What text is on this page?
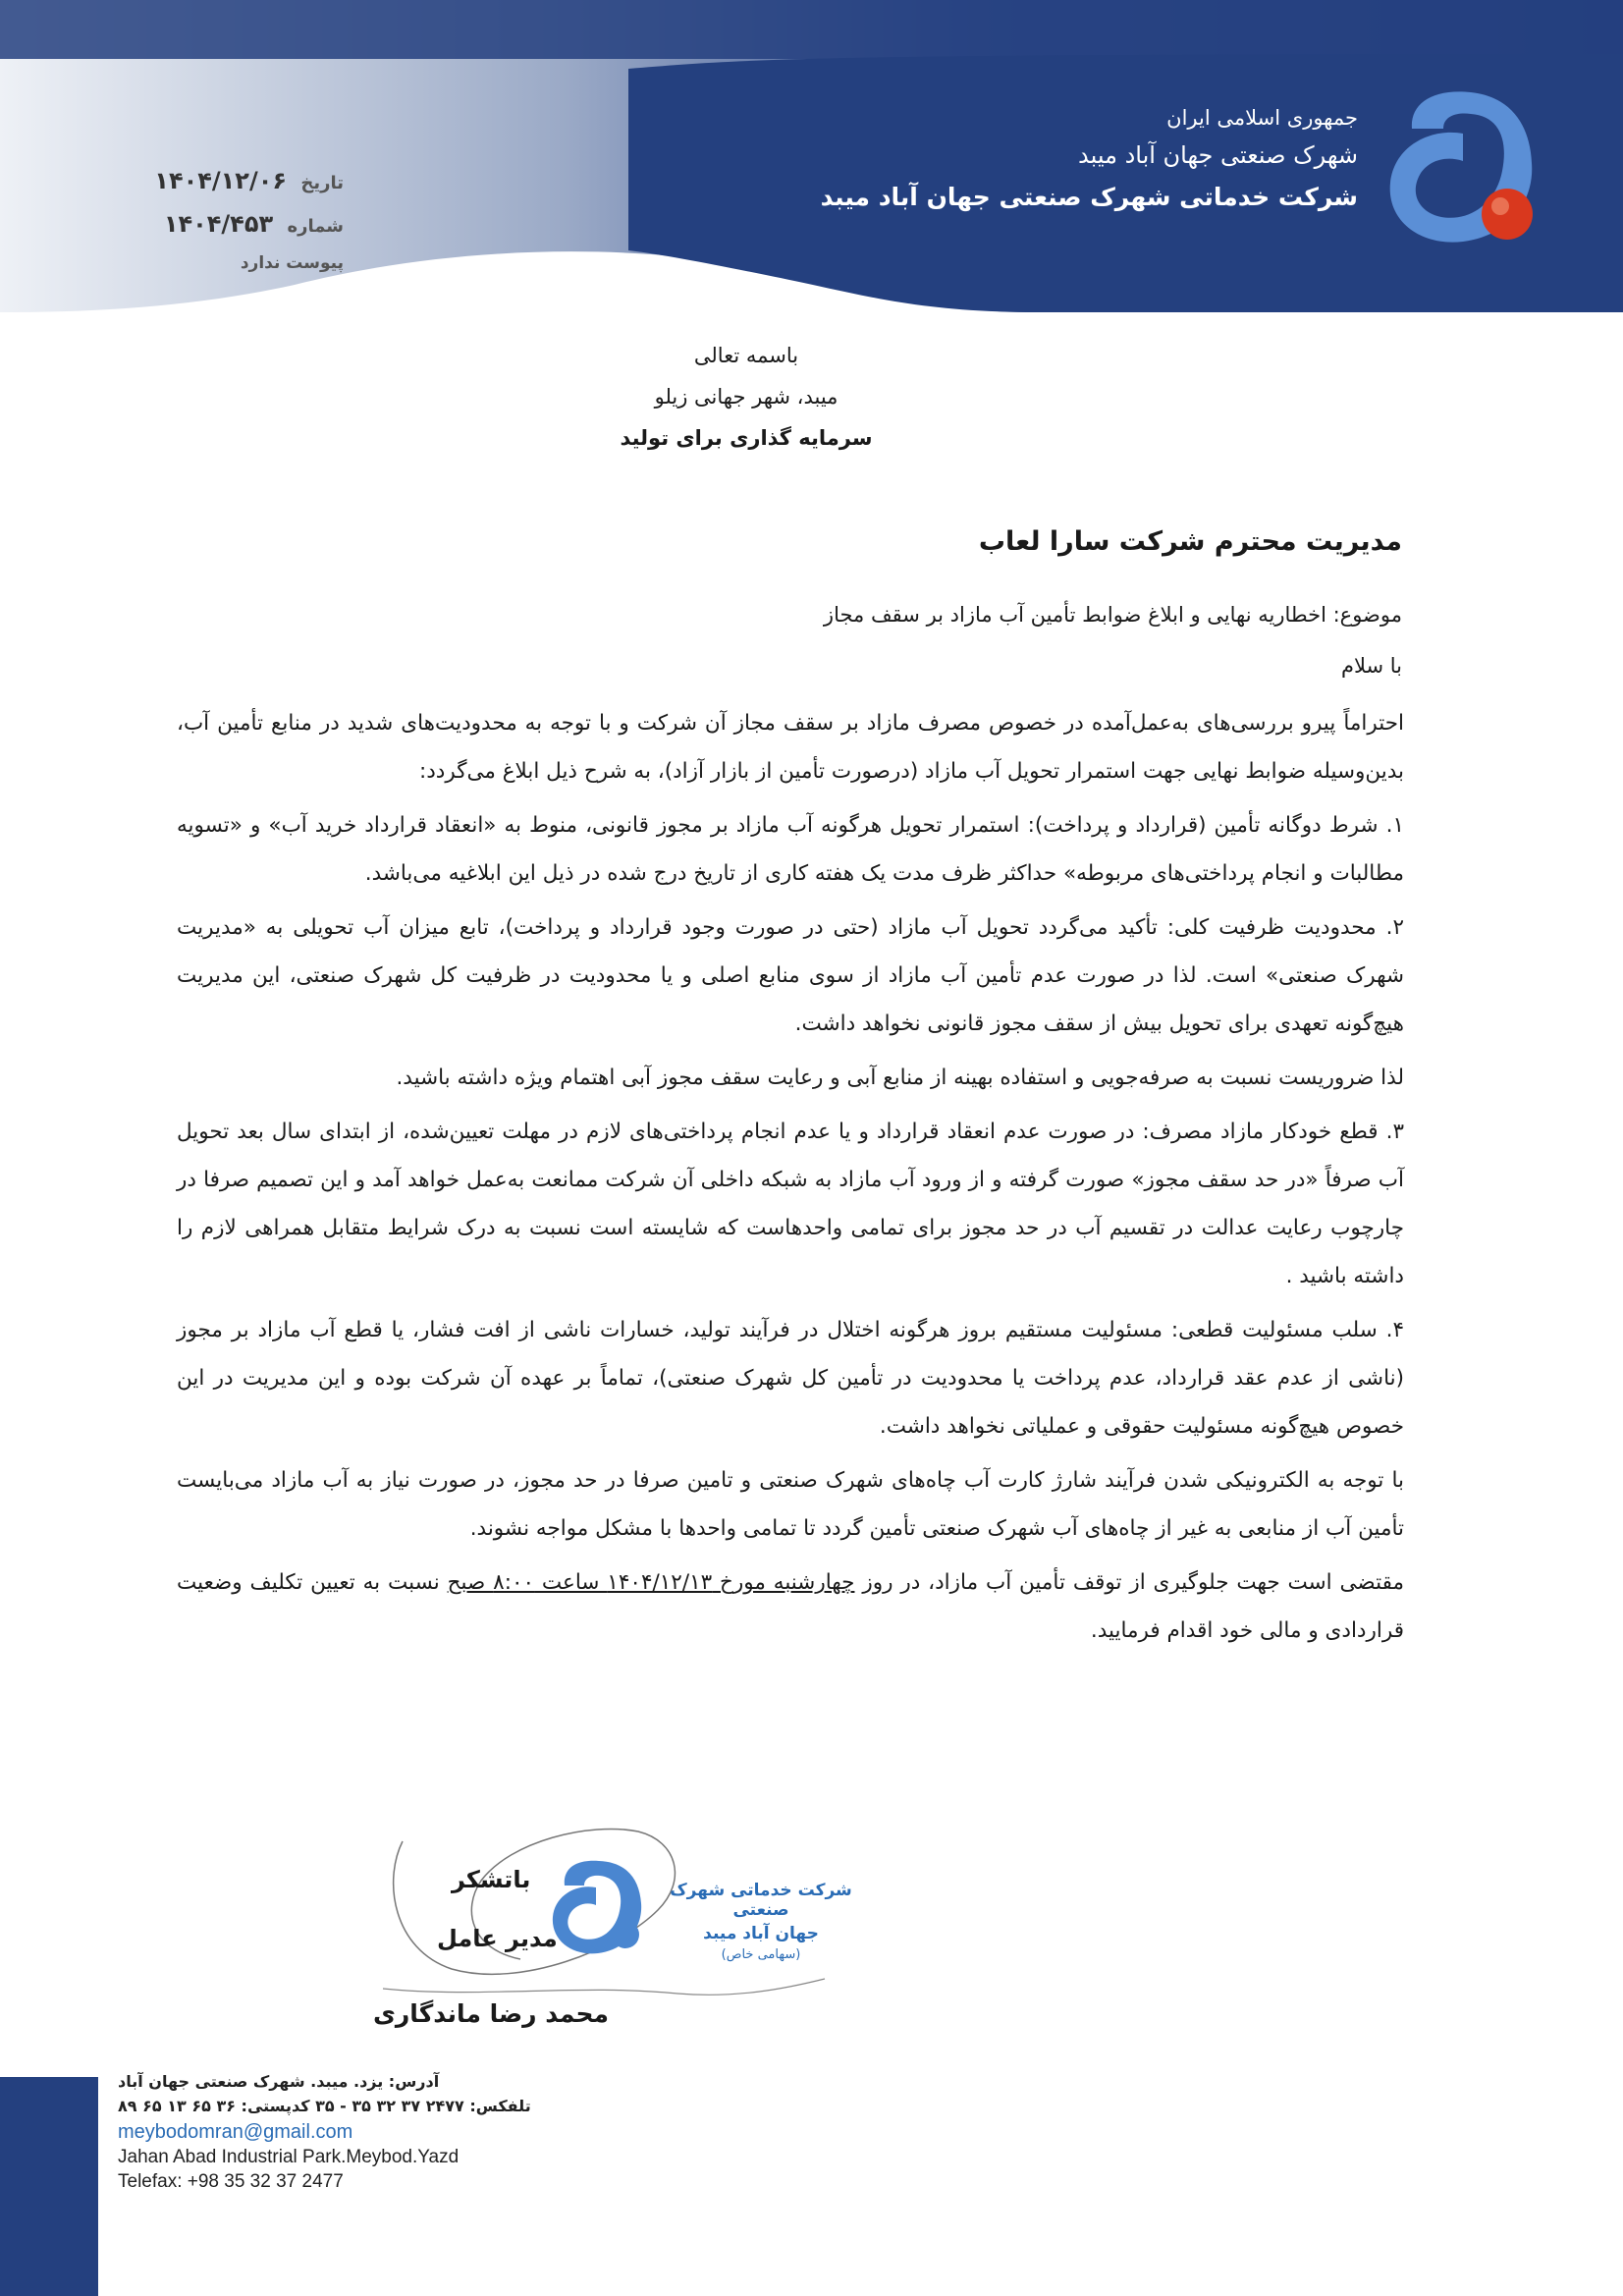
جمهوری اسلامی ایران
شهرک صنعتی جهان آباد میبد
شرکت خدماتی شهرک صنعتی جهان آباد میبد
تاریخ ۱۴۰۴/۱۲/۰۶
شماره ۱۴۰۴/۴۵۳
پیوست ندارد
باسمه تعالی
میبد، شهر جهانی زیلو
سرمایه گذاری برای تولید
مدیریت محترم شرکت سارا لعاب
موضوع: اخطاریه نهایی و ابلاغ ضوابط تأمین آب مازاد بر سقف مجاز
با سلام

احتراماً پیرو بررسی‌های به‌عمل‌آمده در خصوص مصرف مازاد بر سقف مجاز آن شرکت و با توجه به محدودیت‌های شدید در منابع تأمین آب، بدین‌وسیله ضوابط نهایی جهت استمرار تحویل آب مازاد (درصورت تأمین از بازار آزاد)، به شرح ذیل ابلاغ می‌گردد:

۱. شرط دوگانه تأمین (قرارداد و پرداخت): استمرار تحویل هرگونه آب مازاد بر مجوز قانونی، منوط به «انعقاد قرارداد خرید آب» و «تسویه مطالبات و انجام پرداختی‌های مربوطه» حداکثر ظرف مدت یک هفته کاری از تاریخ درج شده در ذیل این ابلاغیه می‌باشد.

۲. محدودیت ظرفیت کلی: تأکید می‌گردد تحویل آب مازاد (حتی در صورت وجود قرارداد و پرداخت)، تابع میزان آب تحویلی به «مدیریت شهرک صنعتی» است. لذا در صورت عدم تأمین آب مازاد از سوی منابع اصلی و یا محدودیت در ظرفیت کل شهرک صنعتی، این مدیریت هیچ‌گونه تعهدی برای تحویل بیش از سقف مجوز قانونی نخواهد داشت.

لذا ضروریست نسبت به صرفه‌جویی و استفاده بهینه از منابع آبی و رعایت سقف مجوز آبی اهتمام ویژه داشته باشید.

۳. قطع خودکار مازاد مصرف: در صورت عدم انعقاد قرارداد و یا عدم انجام پرداختی‌های لازم در مهلت تعیین‌شده، از ابتدای سال بعد تحویل آب صرفاً «در حد سقف مجوز» صورت گرفته و از ورود آب مازاد به شبکه داخلی آن شرکت ممانعت به‌عمل خواهد آمد و این تصمیم صرفا در چارچوب رعایت عدالت در تقسیم آب در حد مجوز برای تمامی واحدهاست که شایسته است نسبت به درک شرایط متقابل همراهی لازم را داشته باشید .

۴. سلب مسئولیت قطعی: مسئولیت مستقیم بروز هرگونه اختلال در فرآیند تولید، خسارات ناشی از افت فشار، یا قطع آب مازاد بر مجوز (ناشی از عدم عقد قرارداد، عدم پرداخت یا محدودیت در تأمین کل شهرک صنعتی)، تماماً بر عهده آن شرکت بوده و این مدیریت در این خصوص هیچ‌گونه مسئولیت حقوقی و عملیاتی نخواهد داشت.

با توجه به الکترونیکی شدن فرآیند شارژ کارت آب چاه‌های شهرک صنعتی و تامین صرفا در حد مجوز، در صورت نیاز به آب مازاد می‌بایست تأمین آب از منابعی به غیر از چاه‌های آب شهرک صنعتی تأمین گردد تا تمامی واحدها با مشکل مواجه نشوند.

مقتضی است جهت جلوگیری از توقف تأمین آب مازاد، در روز چهارشنبه مورخ ۱۴۰۴/۱۲/۱۳ ساعت ۸:۰۰ صبح نسبت به تعیین تکلیف وضعیت قراردادی و مالی خود اقدام فرمایید.

شرکت خدماتی شهرک صنعتی
جهان آباد میبد
(سهامی خاص)
باتشکر
مدیر عامل
محمد رضا ماندگاری
آدرس: یزد. میبد. شهرک صنعتی جهان آباد
تلفکس: ۲۴۷۷ ۳۷ ۳۲ ۳۵ - ۳۵ کدپستی: ۳۶ ۶۵ ۱۳ ۶۵ ۸۹
meybodomran@gmail.com
Jahan Abad Industrial Park.Meybod.Yazd
Telefax: +98 35 32 37 2477
